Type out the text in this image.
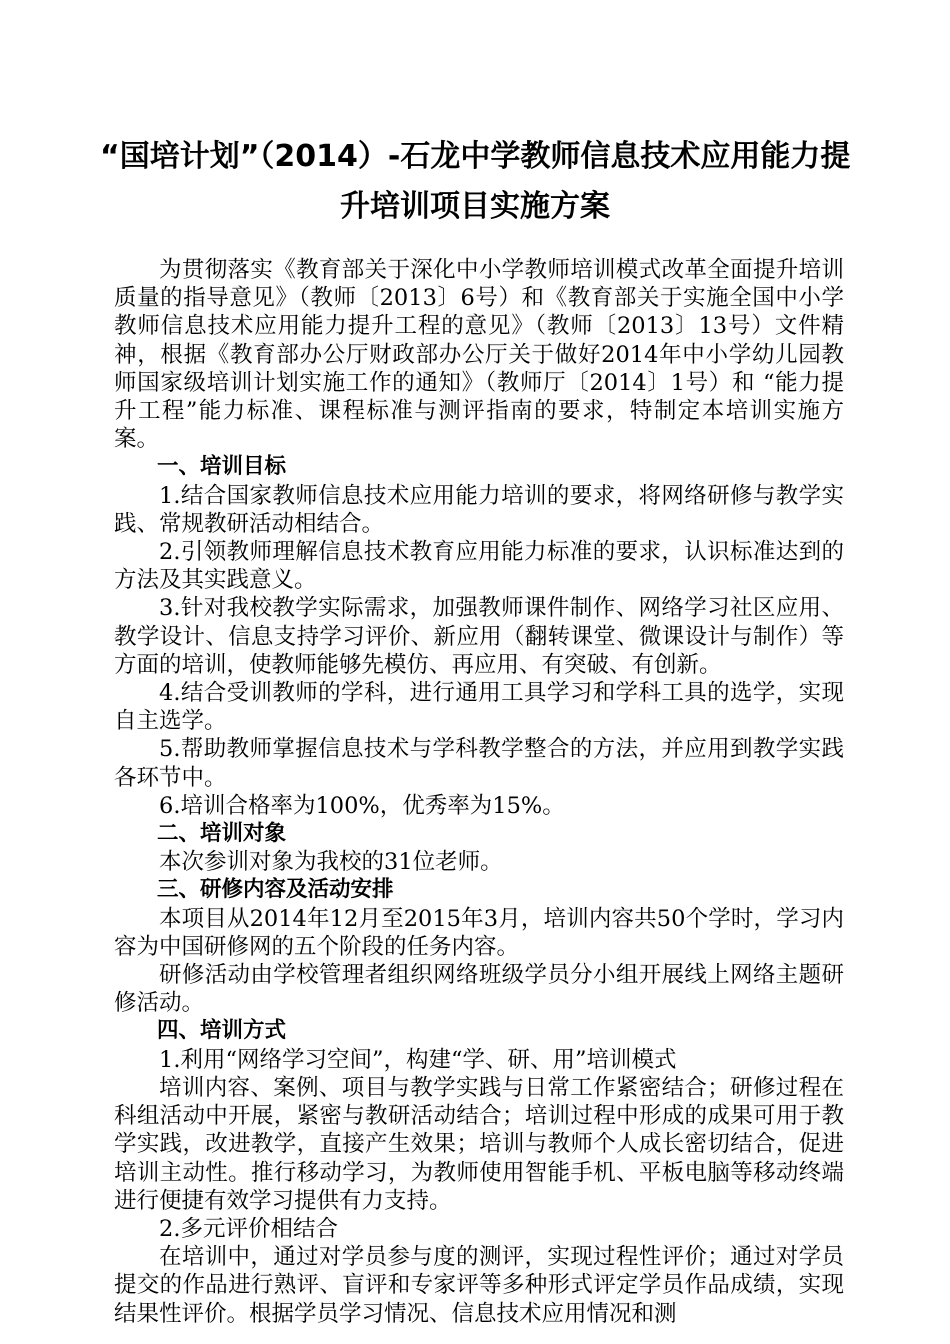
“国培计划”（2014）-石龙中学教师信息技术应用能力提
升培训项目实施方案

为贯彻落实《教育部关于深化中小学教师培训模式改革全面提升培训质量的指导意见》（教师〔2013〕6号）和《教育部关于实施全国中小学教师信息技术应用能力提升工程的意见》（教师〔2013〕13号）文件精神，根据《教育部办公厅财政部办公厅关于做好2014年中小学幼儿园教师国家级培训计划实施工作的通知》（教师厅〔2014〕1号）和 “能力提升工程”能力标准、课程标准与测评指南的要求，特制定本培训实施方案。

一、培训目标

1.结合国家教师信息技术应用能力培训的要求，将网络研修与教学实践、常规教研活动相结合。

2.引领教师理解信息技术教育应用能力标准的要求，认识标准达到的方法及其实践意义。

3.针对我校教学实际需求，加强教师课件制作、网络学习社区应用、教学设计、信息支持学习评价、新应用（翻转课堂、微课设计与制作）等方面的培训，使教师能够先模仿、再应用、有突破、有创新。

4.结合受训教师的学科，进行通用工具学习和学科工具的选学，实现自主选学。

5.帮助教师掌握信息技术与学科教学整合的方法，并应用到教学实践各环节中。

6.培训合格率为100%，优秀率为15%。

二、培训对象

本次参训对象为我校的31位老师。

三、研修内容及活动安排

本项目从2014年12月至2015年3月，培训内容共50个学时，学习内容为中国研修网的五个阶段的任务内容。

研修活动由学校管理者组织网络班级学员分小组开展线上网络主题研修活动。

四、培训方式

1.利用“网络学习空间”，构建“学、研、用”培训模式

培训内容、案例、项目与教学实践与日常工作紧密结合；研修过程在科组活动中开展，紧密与教研活动结合；培训过程中形成的成果可用于教学实践，改进教学，直接产生效果；培训与教师个人成长密切结合，促进培训主动性。推行移动学习，为教师使用智能手机、平板电脑等移动终端进行便捷有效学习提供有力支持。

2.多元评价相结合

在培训中，通过对学员参与度的测评，实现过程性评价；通过对学员提交的作品进行熟评、盲评和专家评等多种形式评定学员作品成绩，实现结果性评价。根据学员学习情况、信息技术应用情况和测
